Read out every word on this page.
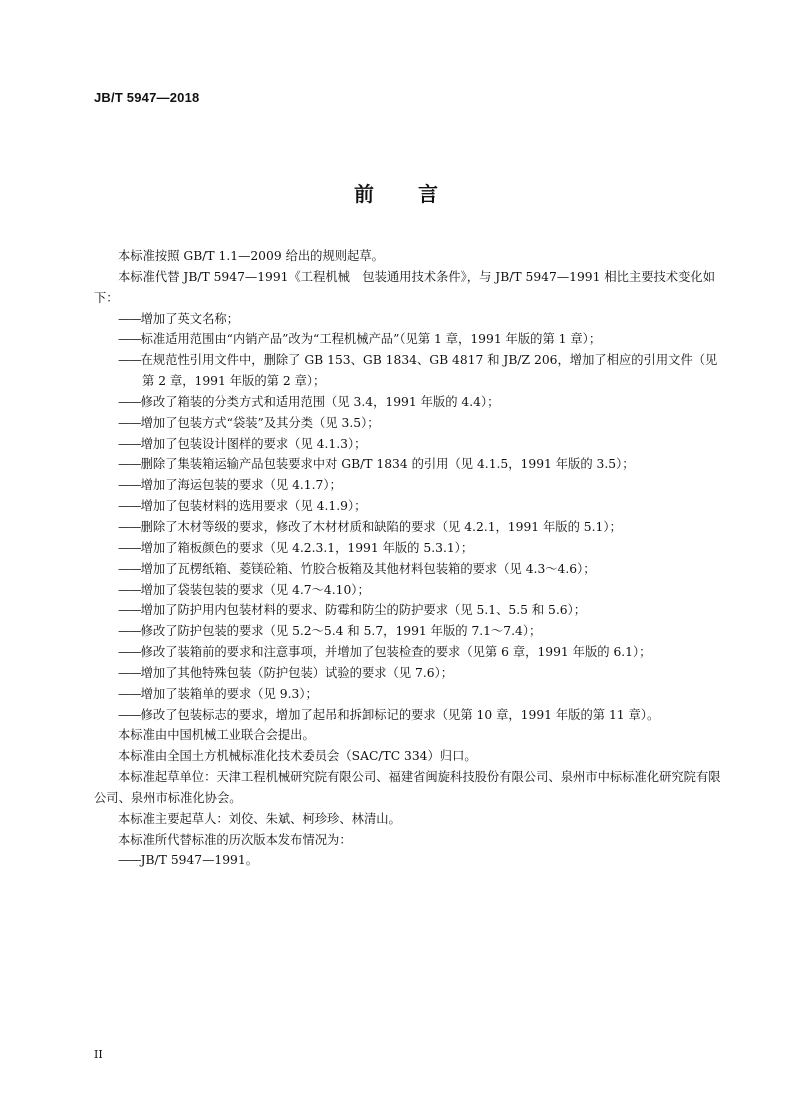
JB/T 5947—2018
前言

本标准按照 GB/T 1.1—2009 给出的规则起草。

本标准代替 JB/T 5947—1991《工程机械　包装通用技术条件》，与 JB/T 5947—1991 相比主要技术变化如下：

——增加了英文名称；

——标准适用范围由“内销产品”改为“工程机械产品”（见第 1 章，1991 年版的第 1 章）；

——在规范性引用文件中，删除了 GB 153、GB 1834、GB 4817 和 JB/Z 206，增加了相应的引用文件（见第 2 章，1991 年版的第 2 章）；

——修改了箱装的分类方式和适用范围（见 3.4，1991 年版的 4.4）；

——增加了包装方式“袋装”及其分类（见 3.5）；

——增加了包装设计图样的要求（见 4.1.3）；

——删除了集装箱运输产品包装要求中对 GB/T 1834 的引用（见 4.1.5，1991 年版的 3.5）；

——增加了海运包装的要求（见 4.1.7）；

——增加了包装材料的选用要求（见 4.1.9）；

——删除了木材等级的要求，修改了木材材质和缺陷的要求（见 4.2.1，1991 年版的 5.1）；

——增加了箱板颜色的要求（见 4.2.3.1，1991 年版的 5.3.1）；

——增加了瓦楞纸箱、菱镁砼箱、竹胶合板箱及其他材料包装箱的要求（见 4.3～4.6）；

——增加了袋装包装的要求（见 4.7～4.10）；

——增加了防护用内包装材料的要求、防霉和防尘的防护要求（见 5.1、5.5 和 5.6）；

——修改了防护包装的要求（见 5.2～5.4 和 5.7，1991 年版的 7.1～7.4）；

——修改了装箱前的要求和注意事项，并增加了包装检查的要求（见第 6 章，1991 年版的 6.1）；

——增加了其他特殊包装（防护包装）试验的要求（见 7.6）；

——增加了装箱单的要求（见 9.3）；

——修改了包装标志的要求，增加了起吊和拆卸标记的要求（见第 10 章，1991 年版的第 11 章）。

本标准由中国机械工业联合会提出。

本标准由全国土方机械标准化技术委员会（SAC/TC 334）归口。

本标准起草单位：天津工程机械研究院有限公司、福建省闽旋科技股份有限公司、泉州市中标标准化研究院有限公司、泉州市标准化协会。

本标准主要起草人：刘佼、朱斌、柯珍珍、林清山。

本标准所代替标准的历次版本发布情况为：

——JB/T 5947—1991。

II
